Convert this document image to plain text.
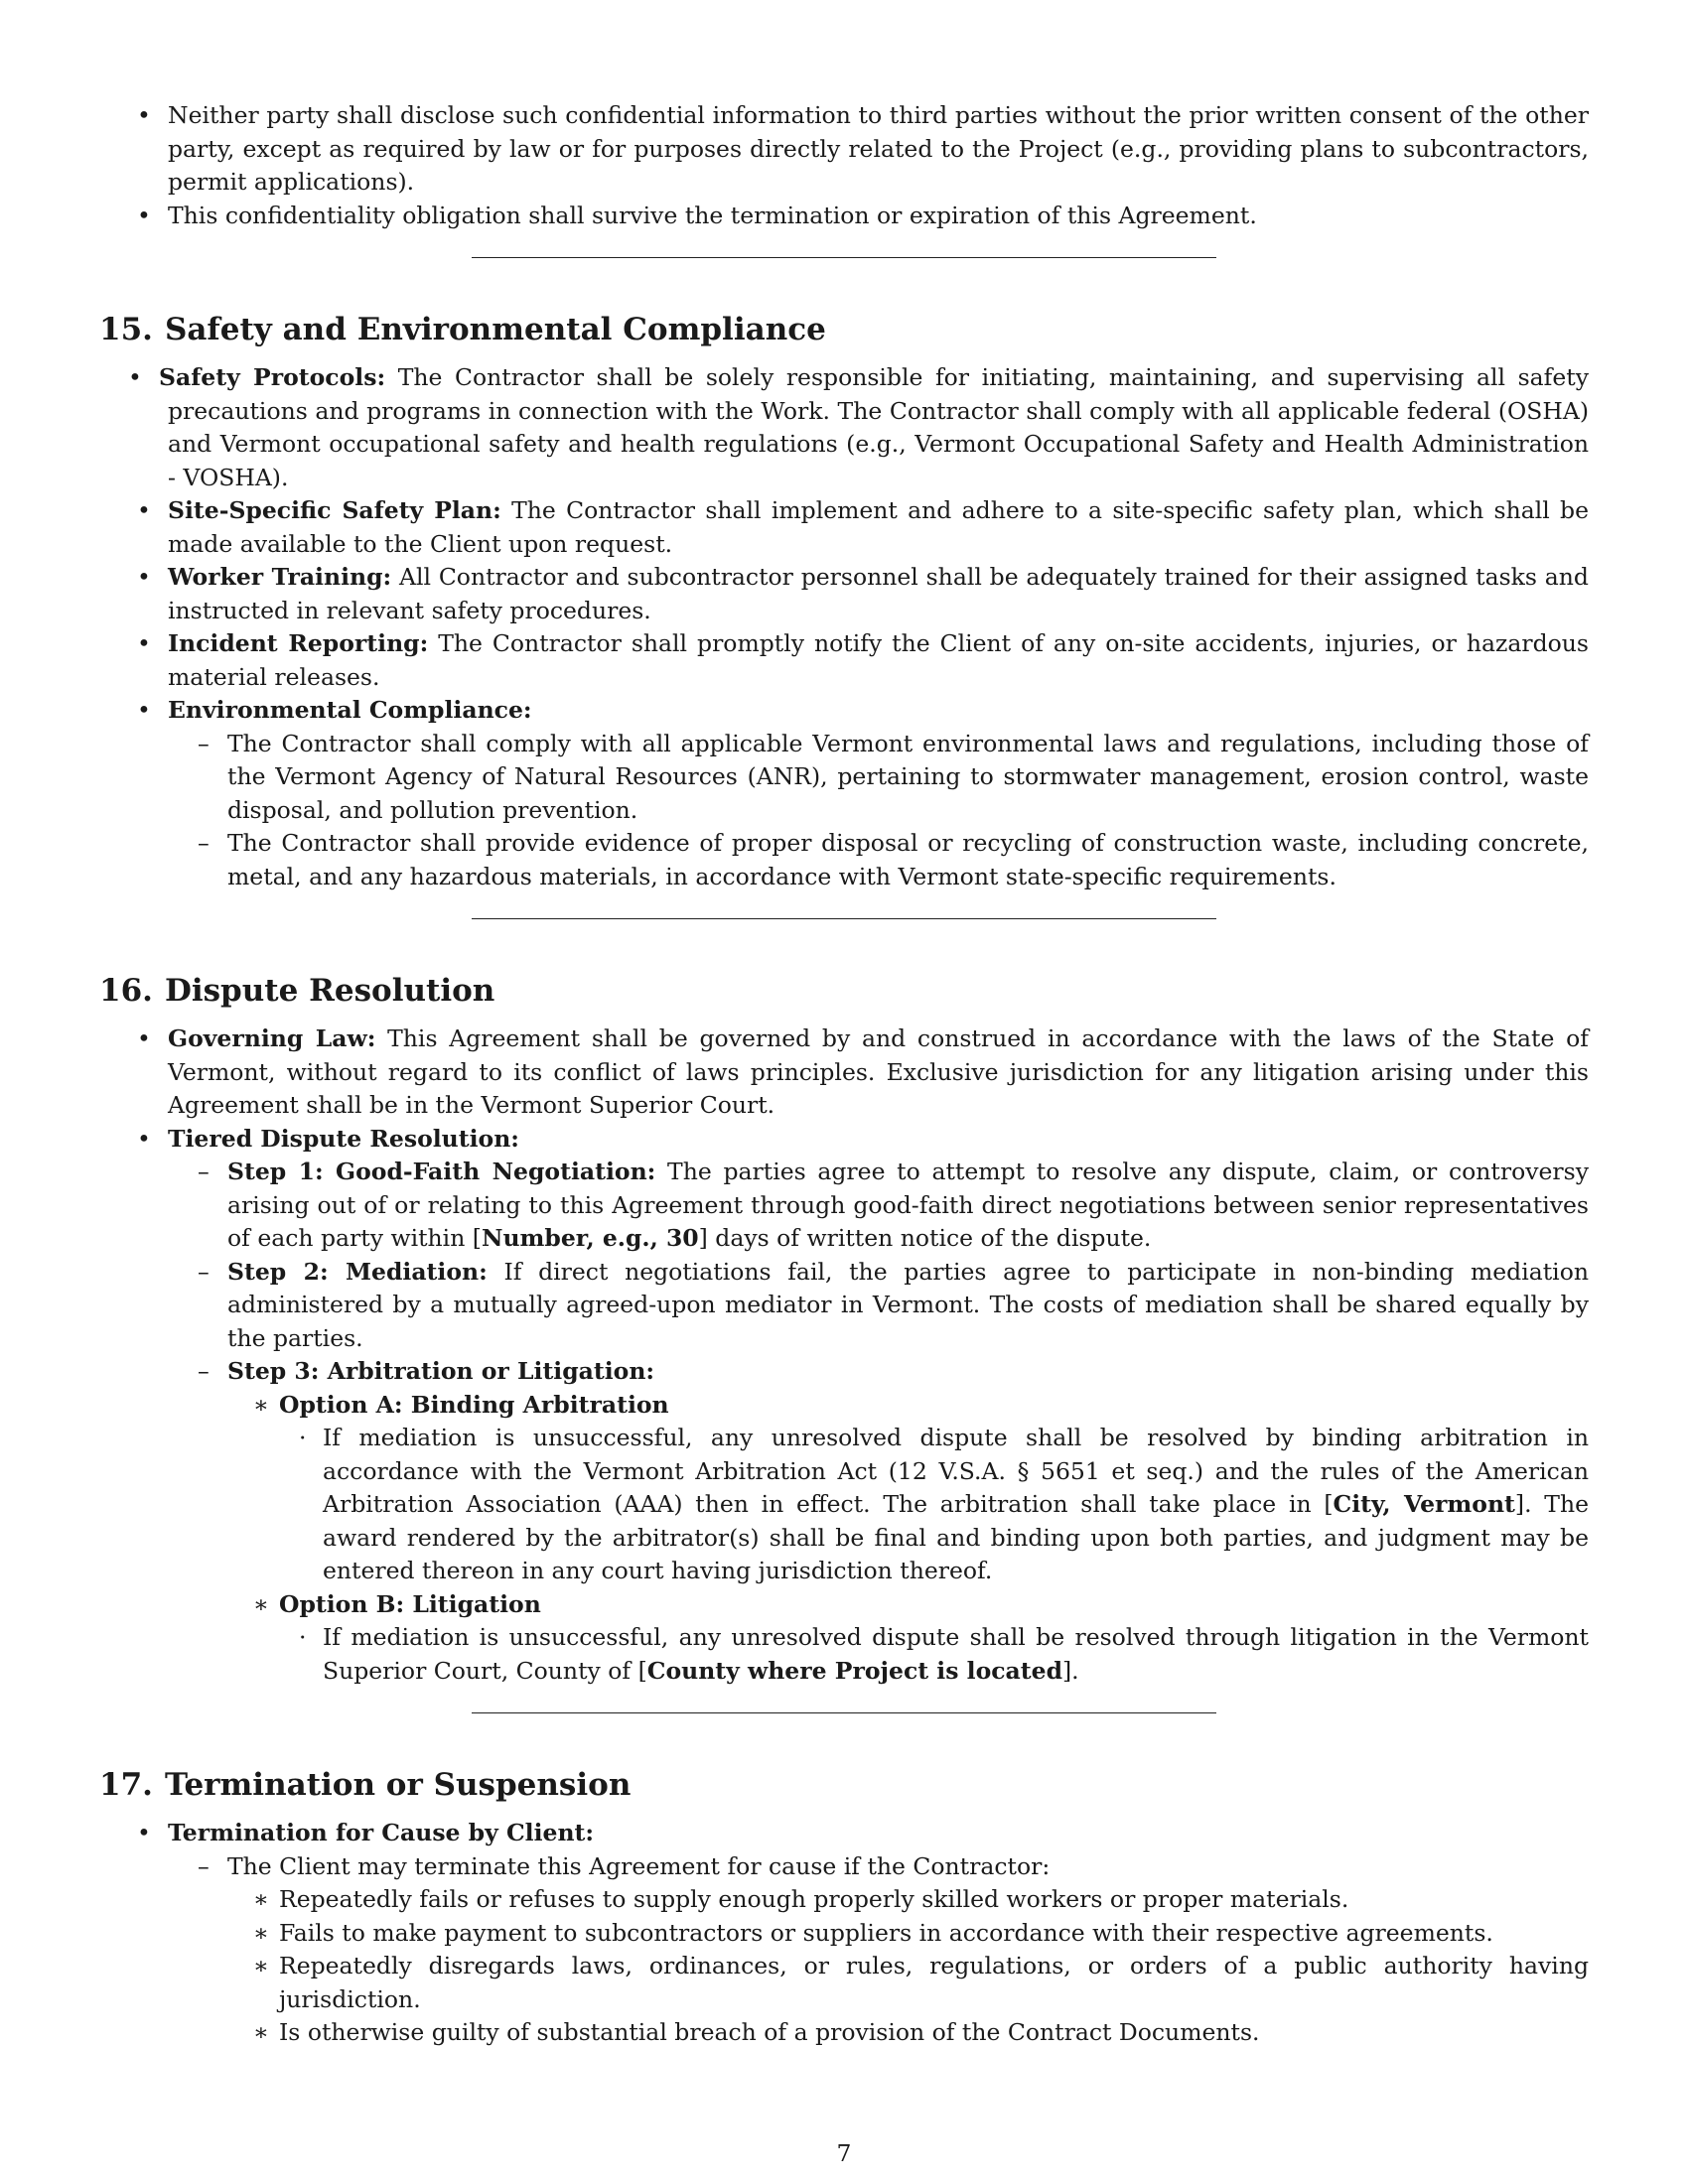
• Neither party shall disclose such confidential information to third parties without the prior written consent of the other party, except as required by law or for purposes directly related to the Project (e.g., providing plans to subcontractors, permit applications).
• This confidentiality obligation shall survive the termination or expiration of this Agreement.
15. Safety and Environmental Compliance
• Safety Protocols: The Contractor shall be solely responsible for initiating, maintaining, and supervising all safety precautions and programs in connection with the Work. The Contractor shall comply with all applicable federal (OSHA) and Vermont occupational safety and health regulations (e.g., Vermont Occupational Safety and Health Administration - VOSHA).
• Site-Specific Safety Plan: The Contractor shall implement and adhere to a site-specific safety plan, which shall be made available to the Client upon request.
• Worker Training: All Contractor and subcontractor personnel shall be adequately trained for their assigned tasks and instructed in relevant safety procedures.
• Incident Reporting: The Contractor shall promptly notify the Client of any on-site accidents, injuries, or hazardous material releases.
• Environmental Compliance:
– The Contractor shall comply with all applicable Vermont environmental laws and regulations, including those of the Vermont Agency of Natural Resources (ANR), pertaining to stormwater management, erosion control, waste disposal, and pollution prevention.
– The Contractor shall provide evidence of proper disposal or recycling of construction waste, including concrete, metal, and any hazardous materials, in accordance with Vermont state-specific requirements.
16. Dispute Resolution
• Governing Law: This Agreement shall be governed by and construed in accordance with the laws of the State of Vermont, without regard to its conflict of laws principles. Exclusive jurisdiction for any litigation arising under this Agreement shall be in the Vermont Superior Court.
• Tiered Dispute Resolution:
– Step 1: Good-Faith Negotiation: The parties agree to attempt to resolve any dispute, claim, or controversy arising out of or relating to this Agreement through good-faith direct negotiations between senior representatives of each party within [Number, e.g., 30] days of written notice of the dispute.
– Step 2: Mediation: If direct negotiations fail, the parties agree to participate in non-binding mediation administered by a mutually agreed-upon mediator in Vermont. The costs of mediation shall be shared equally by the parties.
– Step 3: Arbitration or Litigation:
∗ Option A: Binding Arbitration
· If mediation is unsuccessful, any unresolved dispute shall be resolved by binding arbitration in accordance with the Vermont Arbitration Act (12 V.S.A. § 5651 et seq.) and the rules of the American Arbitration Association (AAA) then in effect. The arbitration shall take place in [City, Vermont]. The award rendered by the arbitrator(s) shall be final and binding upon both parties, and judgment may be entered thereon in any court having jurisdiction thereof.
∗ Option B: Litigation
· If mediation is unsuccessful, any unresolved dispute shall be resolved through litigation in the Vermont Superior Court, County of [County where Project is located].
17. Termination or Suspension
• Termination for Cause by Client:
– The Client may terminate this Agreement for cause if the Contractor:
∗ Repeatedly fails or refuses to supply enough properly skilled workers or proper materials.
∗ Fails to make payment to subcontractors or suppliers in accordance with their respective agreements.
∗ Repeatedly disregards laws, ordinances, or rules, regulations, or orders of a public authority having jurisdiction.
∗ Is otherwise guilty of substantial breach of a provision of the Contract Documents.
7
